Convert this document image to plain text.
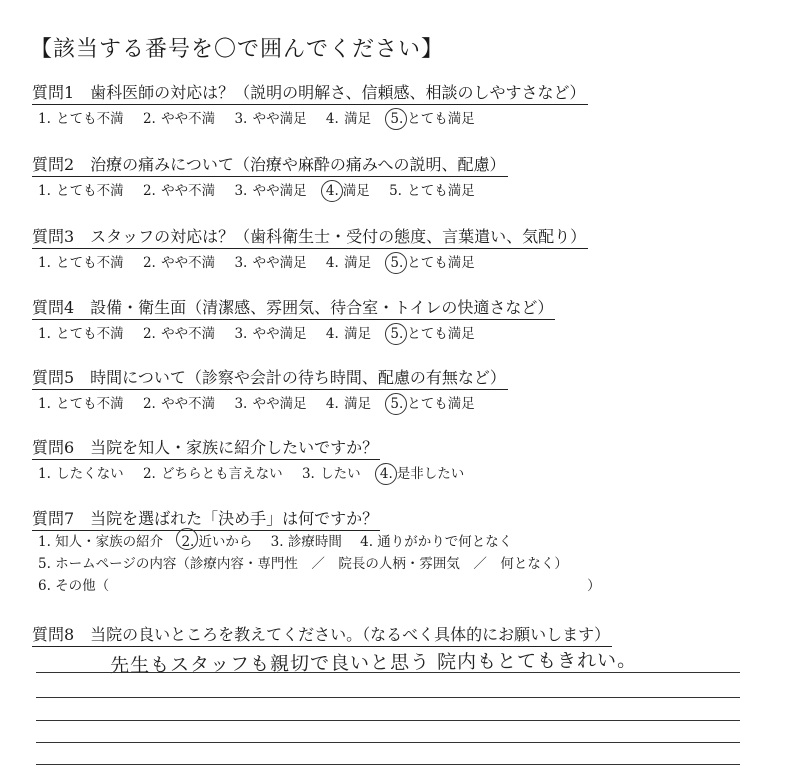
【該当する番号を〇で囲んでください】
質問1　歯科医師の対応は？（説明の明解さ、信頼感、相談のしやすさなど）
1. とても不満 2. やや不満 3. やや満足 4. 満足 5. とても満足
質問2　治療の痛みについて（治療や麻酔の痛みへの説明、配慮）
1. とても不満 2. やや不満 3. やや満足 4. 満足 5. とても満足
質問3　スタッフの対応は？（歯科衛生士・受付の態度、言葉遣い、気配り）
1. とても不満 2. やや不満 3. やや満足 4. 満足 5. とても満足
質問4　設備・衛生面（清潔感、雰囲気、待合室・トイレの快適さなど）
1. とても不満 2. やや不満 3. やや満足 4. 満足 5. とても満足
質問5　時間について（診察や会計の待ち時間、配慮の有無など）
1. とても不満 2. やや不満 3. やや満足 4. 満足 5. とても満足
質問6　当院を知人・家族に紹介したいですか？
1. したくない 2. どちらとも言えない 3. したい 4. 是非したい
質問7　当院を選ばれた「決め手」は何ですか？
1. 知人・家族の紹介 2. 近いから 3. 診療時間 4. 通りがかりで何となく
5. ホームページの内容（診療内容・専門性　／　院長の人柄・雰囲気　／　何となく）
6. その他（	）
質問8　当院の良いところを教えてください。（なるべく具体的にお願いします）
先生もスタッフも親切で良いと思う 院内もとてもきれい。
